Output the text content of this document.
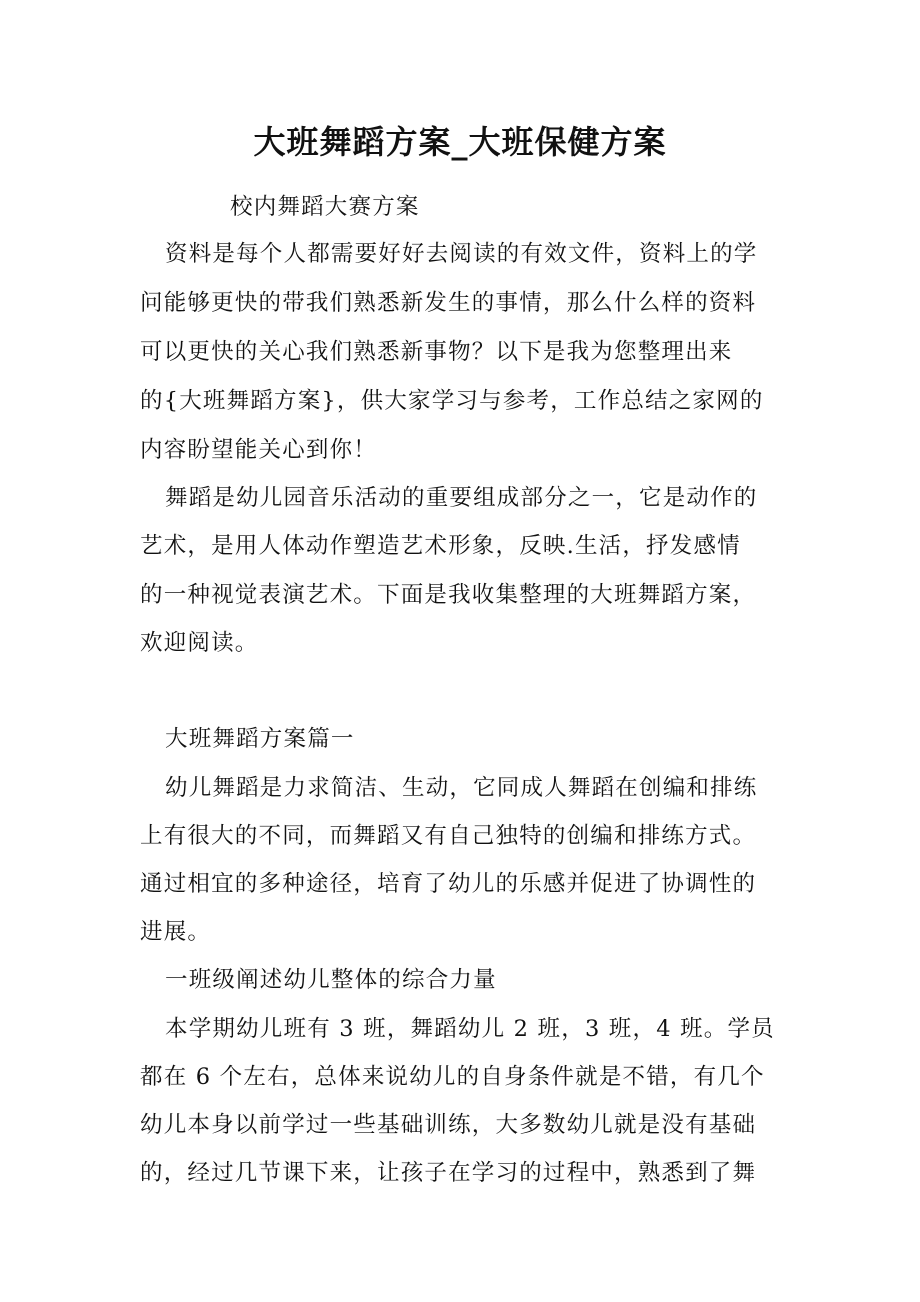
大班舞蹈方案_大班保健方案
校内舞蹈大赛方案
资料是每个人都需要好好去阅读的有效文件，资料上的学
问能够更快的带我们熟悉新发生的事情，那么什么样的资料
可以更快的关心我们熟悉新事物？以下是我为您整理出来
的{大班舞蹈方案}，供大家学习与参考，工作总结之家网的
内容盼望能关心到你！
舞蹈是幼儿园音乐活动的重要组成部分之一，它是动作的
艺术，是用人体动作塑造艺术形象，反映.生活，抒发感情
的一种视觉表演艺术。下面是我收集整理的大班舞蹈方案，
欢迎阅读。
大班舞蹈方案篇一
幼儿舞蹈是力求简洁、生动，它同成人舞蹈在创编和排练
上有很大的不同，而舞蹈又有自己独特的创编和排练方式。
通过相宜的多种途径，培育了幼儿的乐感并促进了协调性的
进展。
一班级阐述幼儿整体的综合力量
本学期幼儿班有 3 班，舞蹈幼儿 2 班，3 班，4 班。学员
都在 6 个左右，总体来说幼儿的自身条件就是不错，有几个
幼儿本身以前学过一些基础训练，大多数幼儿就是没有基础
的，经过几节课下来，让孩子在学习的过程中，熟悉到了舞
